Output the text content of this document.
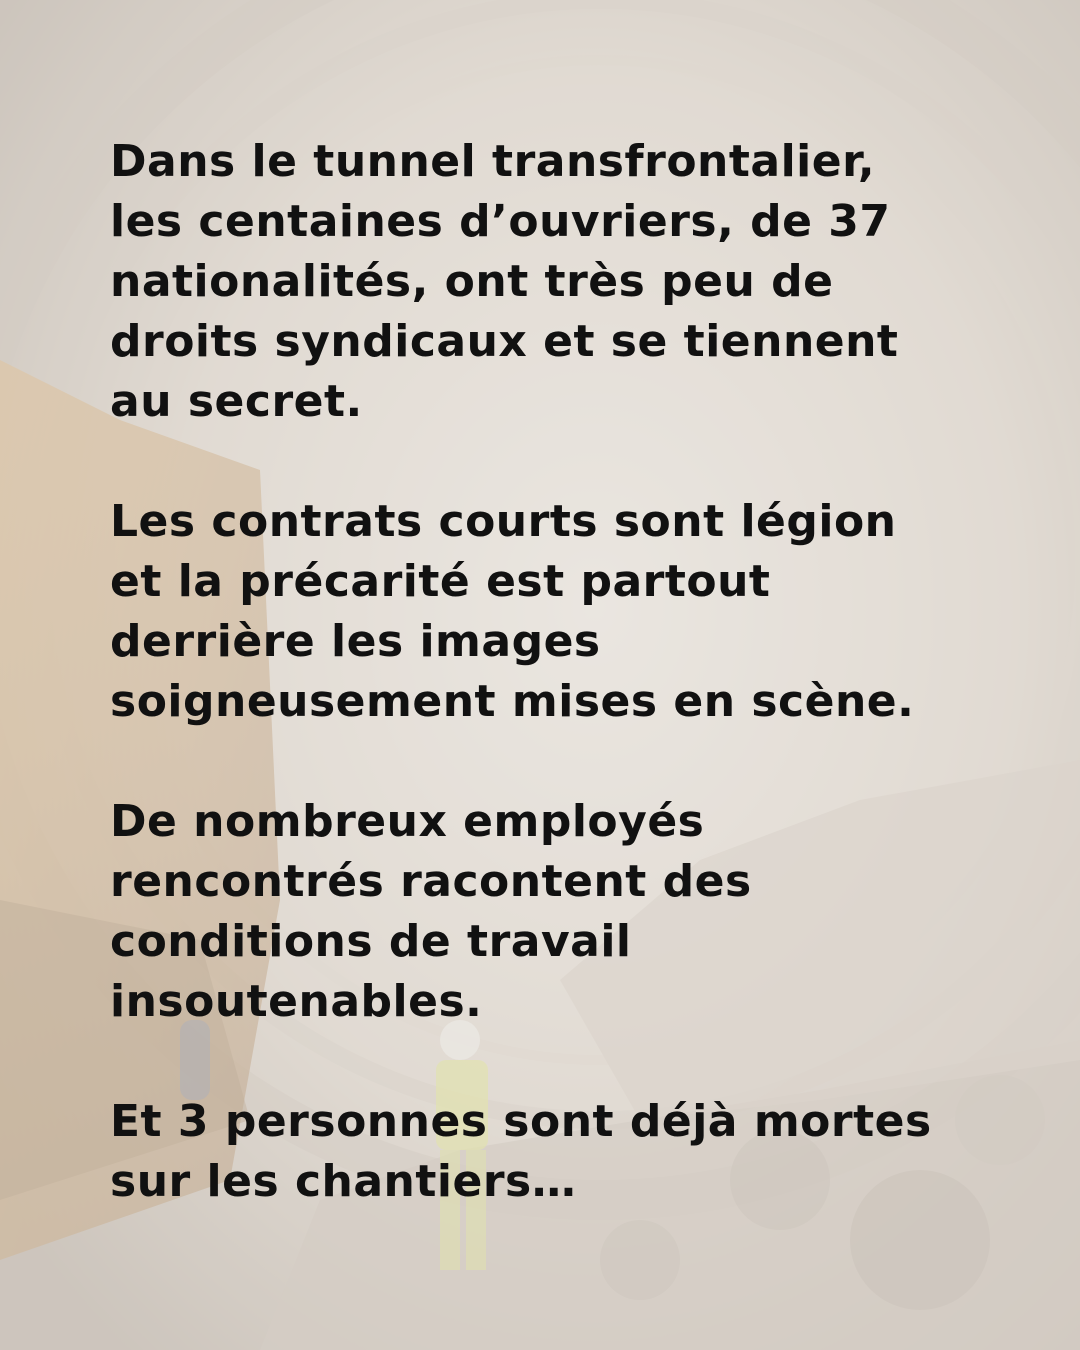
Dans le tunnel transfrontalier,
les centaines d’ouvriers, de 37
nationalités, ont très peu de
droits syndicaux et se tiennent
au secret.

Les contrats courts sont légion
et la précarité est partout
derrière les images
soigneusement mises en scène.

De nombreux employés
rencontrés racontent des
conditions de travail
insoutenables.

Et 3 personnes sont déjà mortes
sur les chantiers…
